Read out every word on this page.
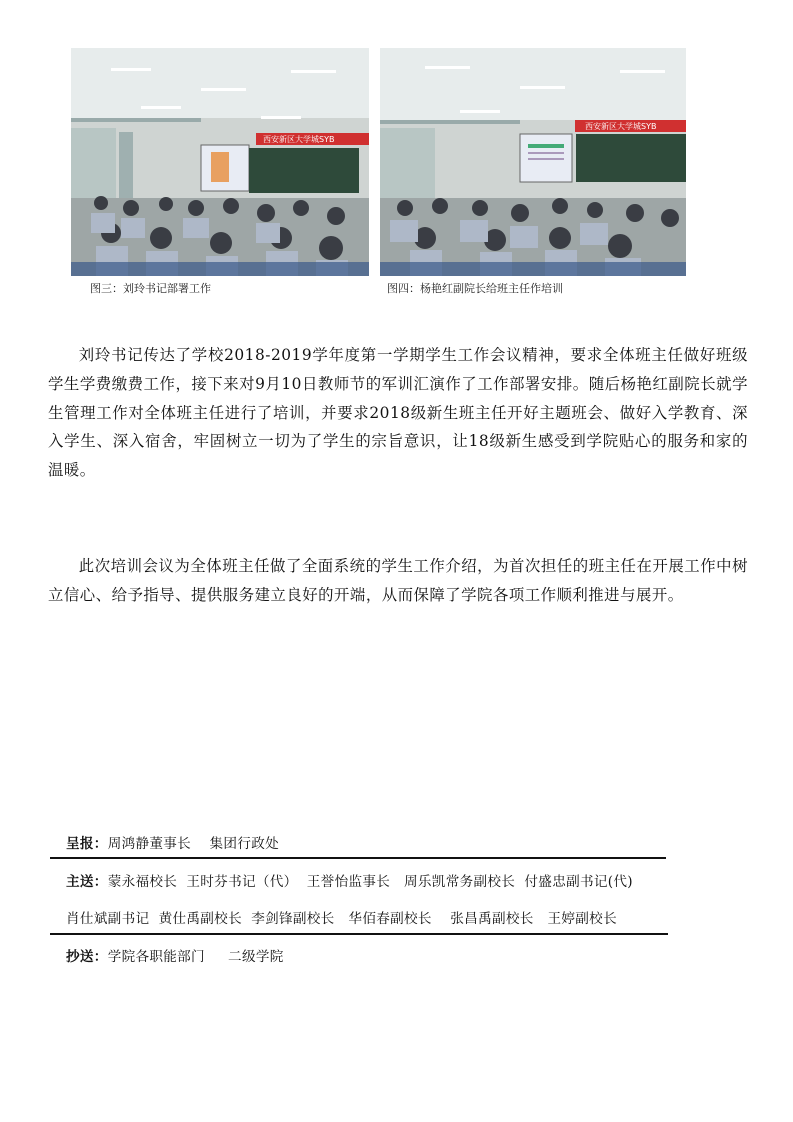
西安新区大学城SYB
图三：刘玲书记部署工作
西安新区大学城SYB
图四：杨艳红副院长给班主任作培训

刘玲书记传达了学校2018-2019学年度第一学期学生工作会议精神，要求全体班主任做好班级学生学费缴费工作，接下来对9月10日教师节的军训汇演作了工作部署安排。随后杨艳红副院长就学生管理工作对全体班主任进行了培训，并要求2018级新生班主任开好主题班会、做好入学教育、深入学生、深入宿舍，牢固树立一切为了学生的宗旨意识，让18级新生感受到学院贴心的服务和家的温暖。

此次培训会议为全体班主任做了全面系统的学生工作介绍，为首次担任的班主任在开展工作中树立信心、给予指导、提供服务建立良好的开端，从而保障了学院各项工作顺利推进与展开。

呈报：周鸿静董事长    集团行政处
主送：蒙永福校长  王时芬书记（代）  王誉怡监事长   周乐凯常务副校长  付盛忠副书记(代)
肖仕斌副书记  黄仕禹副校长  李剑锋副校长   华佰春副校长    张昌禹副校长   王婷副校长
抄送：学院各职能部门     二级学院
